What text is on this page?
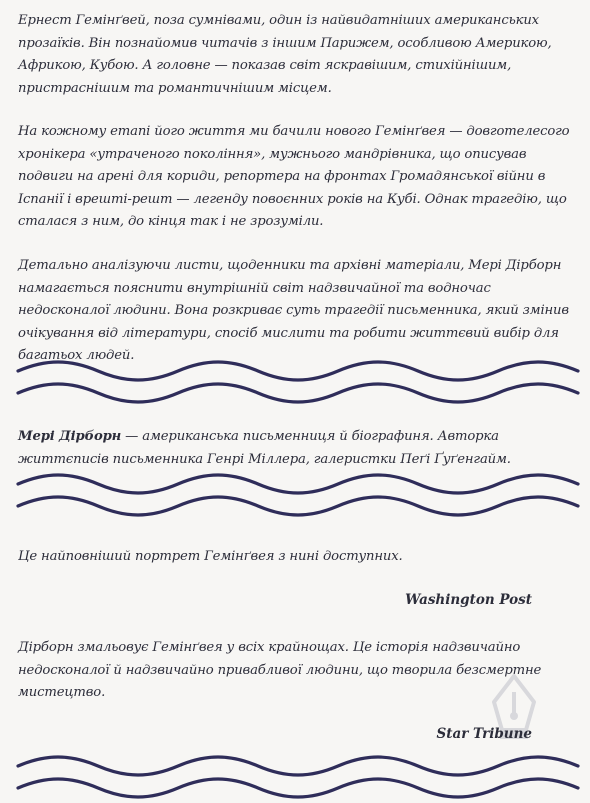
Ернест Гемінґвей, поза сумнівами, один із найвидатніших американських прозаїків. Він познайомив читачів з іншим Парижем, особливою Америкою, Африкою, Кубою. А головне — показав світ яскравішим, стихійнішим, пристраснішим та романтичнішим місцем.

На кожному етапі його життя ми бачили нового Гемінґвея — довготелесого хронікера «утраченого покоління», мужнього мандрівника, що описував подвиги на арені для кориди, репортера на фронтах Громадянської війни в Іспанії і врешті-решт — легенду повоєнних років на Кубі. Однак трагедію, що сталася з ним, до кінця так і не зрозуміли.

Детально аналізуючи листи, щоденники та архівні матеріали, Мері Дірборн намагається пояснити внутрішній світ надзвичайної та водночас недосконалої людини. Вона розкриває суть трагедії письменника, який змінив очікування від літератури, спосіб мислити та робити життєвий вибір для багатьох людей.

Мері Дірборн — американська письменниця й біографиня. Авторка життєписів письменника Генрі Міллера, галеристки Пеґі Ґуґенгайм.

Це найповніший портрет Гемінґвея з нині доступних.

Washington Post

Дірборн змальовує Гемінґвея у всіх крайнощах. Це історія надзвичайно недосконалої й надзвичайно привабливої людини, що творила безсмертне мистецтво.

Star Tribune
